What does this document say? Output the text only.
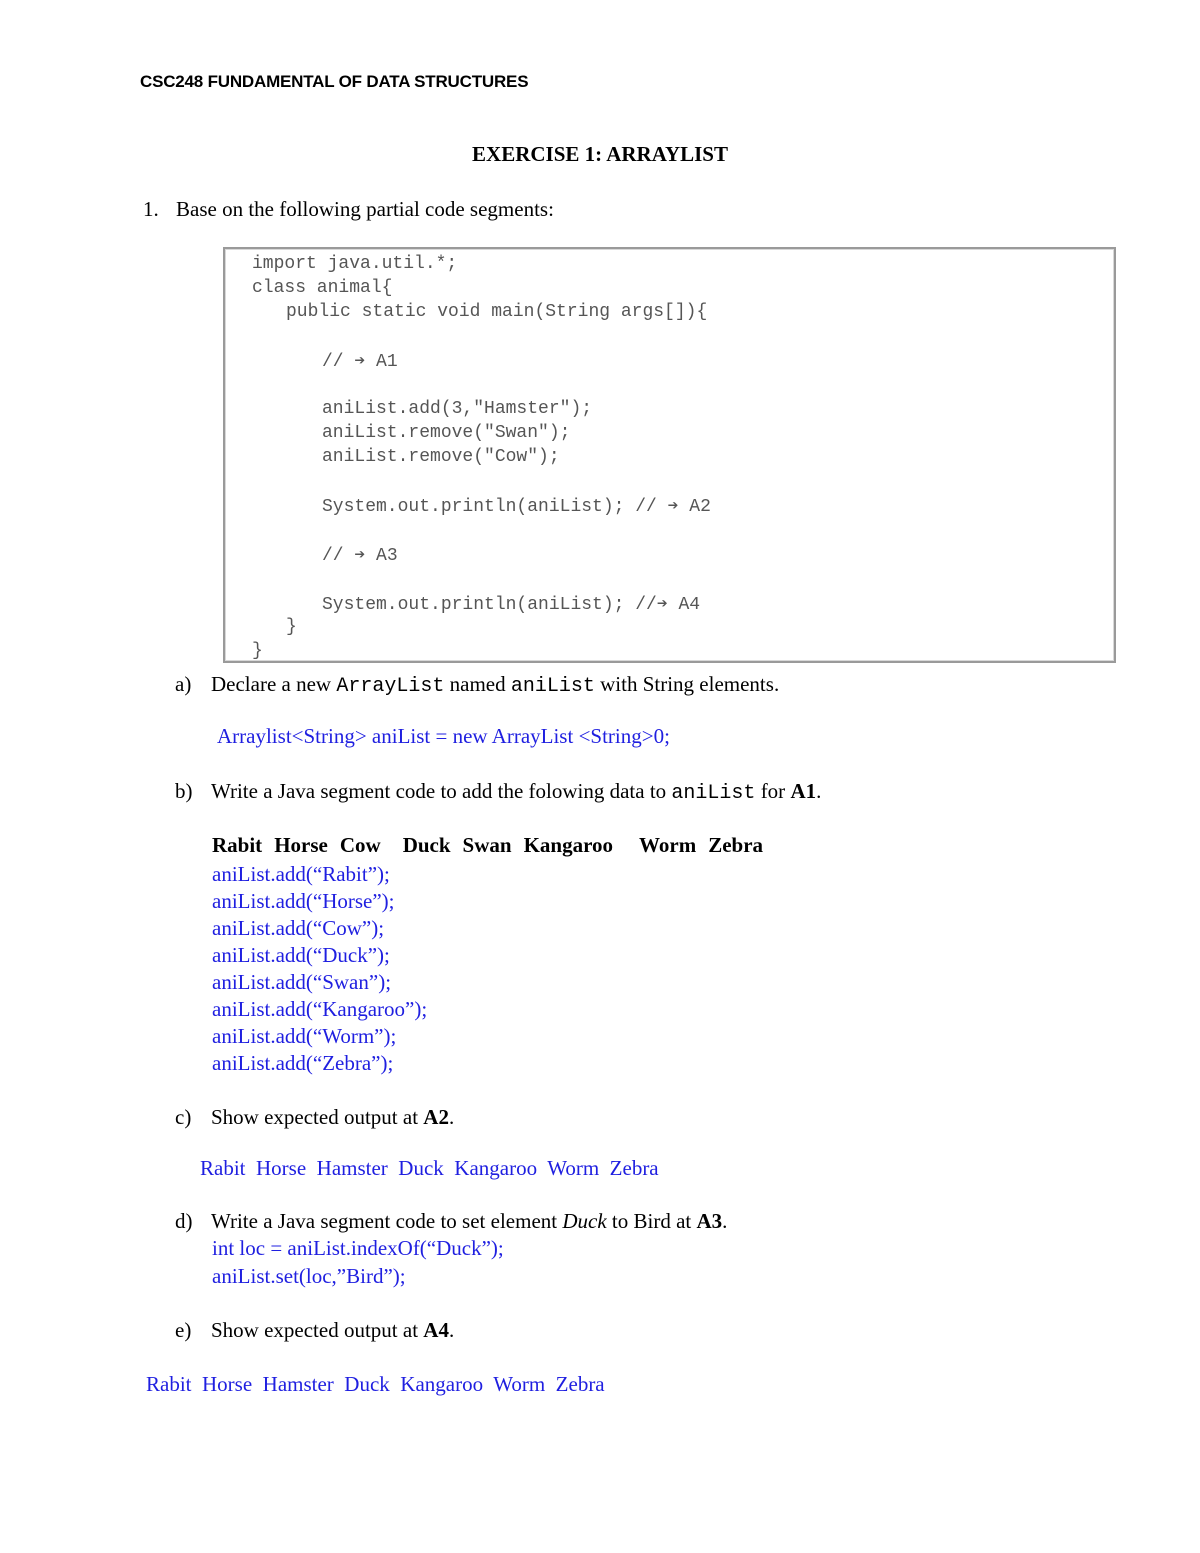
CSC248 FUNDAMENTAL OF DATA STRUCTURES
EXERCISE 1: ARRAYLIST
1. Base on the following partial code segments:
import java.util.*;
class animal{
public static void main(String args[]){
// ➔ A1
aniList.add(3,"Hamster");
aniList.remove("Swan");
aniList.remove("Cow");
System.out.println(aniList); // ➔ A2
// ➔ A3
System.out.println(aniList); //➔ A4
}
}
a) Declare a new ArrayList named aniList with String elements.
Arraylist<String> aniList = new ArrayList <String>0;
b) Write a Java segment code to add the folowing data to aniList for A1.
Rabit Horse Cow Duck Swan Kangaroo Worm Zebra
aniList.add(“Rabit”);
aniList.add(“Horse”);
aniList.add(“Cow”);
aniList.add(“Duck”);
aniList.add(“Swan”);
aniList.add(“Kangaroo”);
aniList.add(“Worm”);
aniList.add(“Zebra”);
c) Show expected output at A2.
Rabit  Horse  Hamster  Duck  Kangaroo  Worm  Zebra
d) Write a Java segment code to set element Duck to Bird at A3.
int loc = aniList.indexOf(“Duck”);
aniList.set(loc,”Bird”);
e) Show expected output at A4.
Rabit  Horse  Hamster  Duck  Kangaroo  Worm  Zebra
